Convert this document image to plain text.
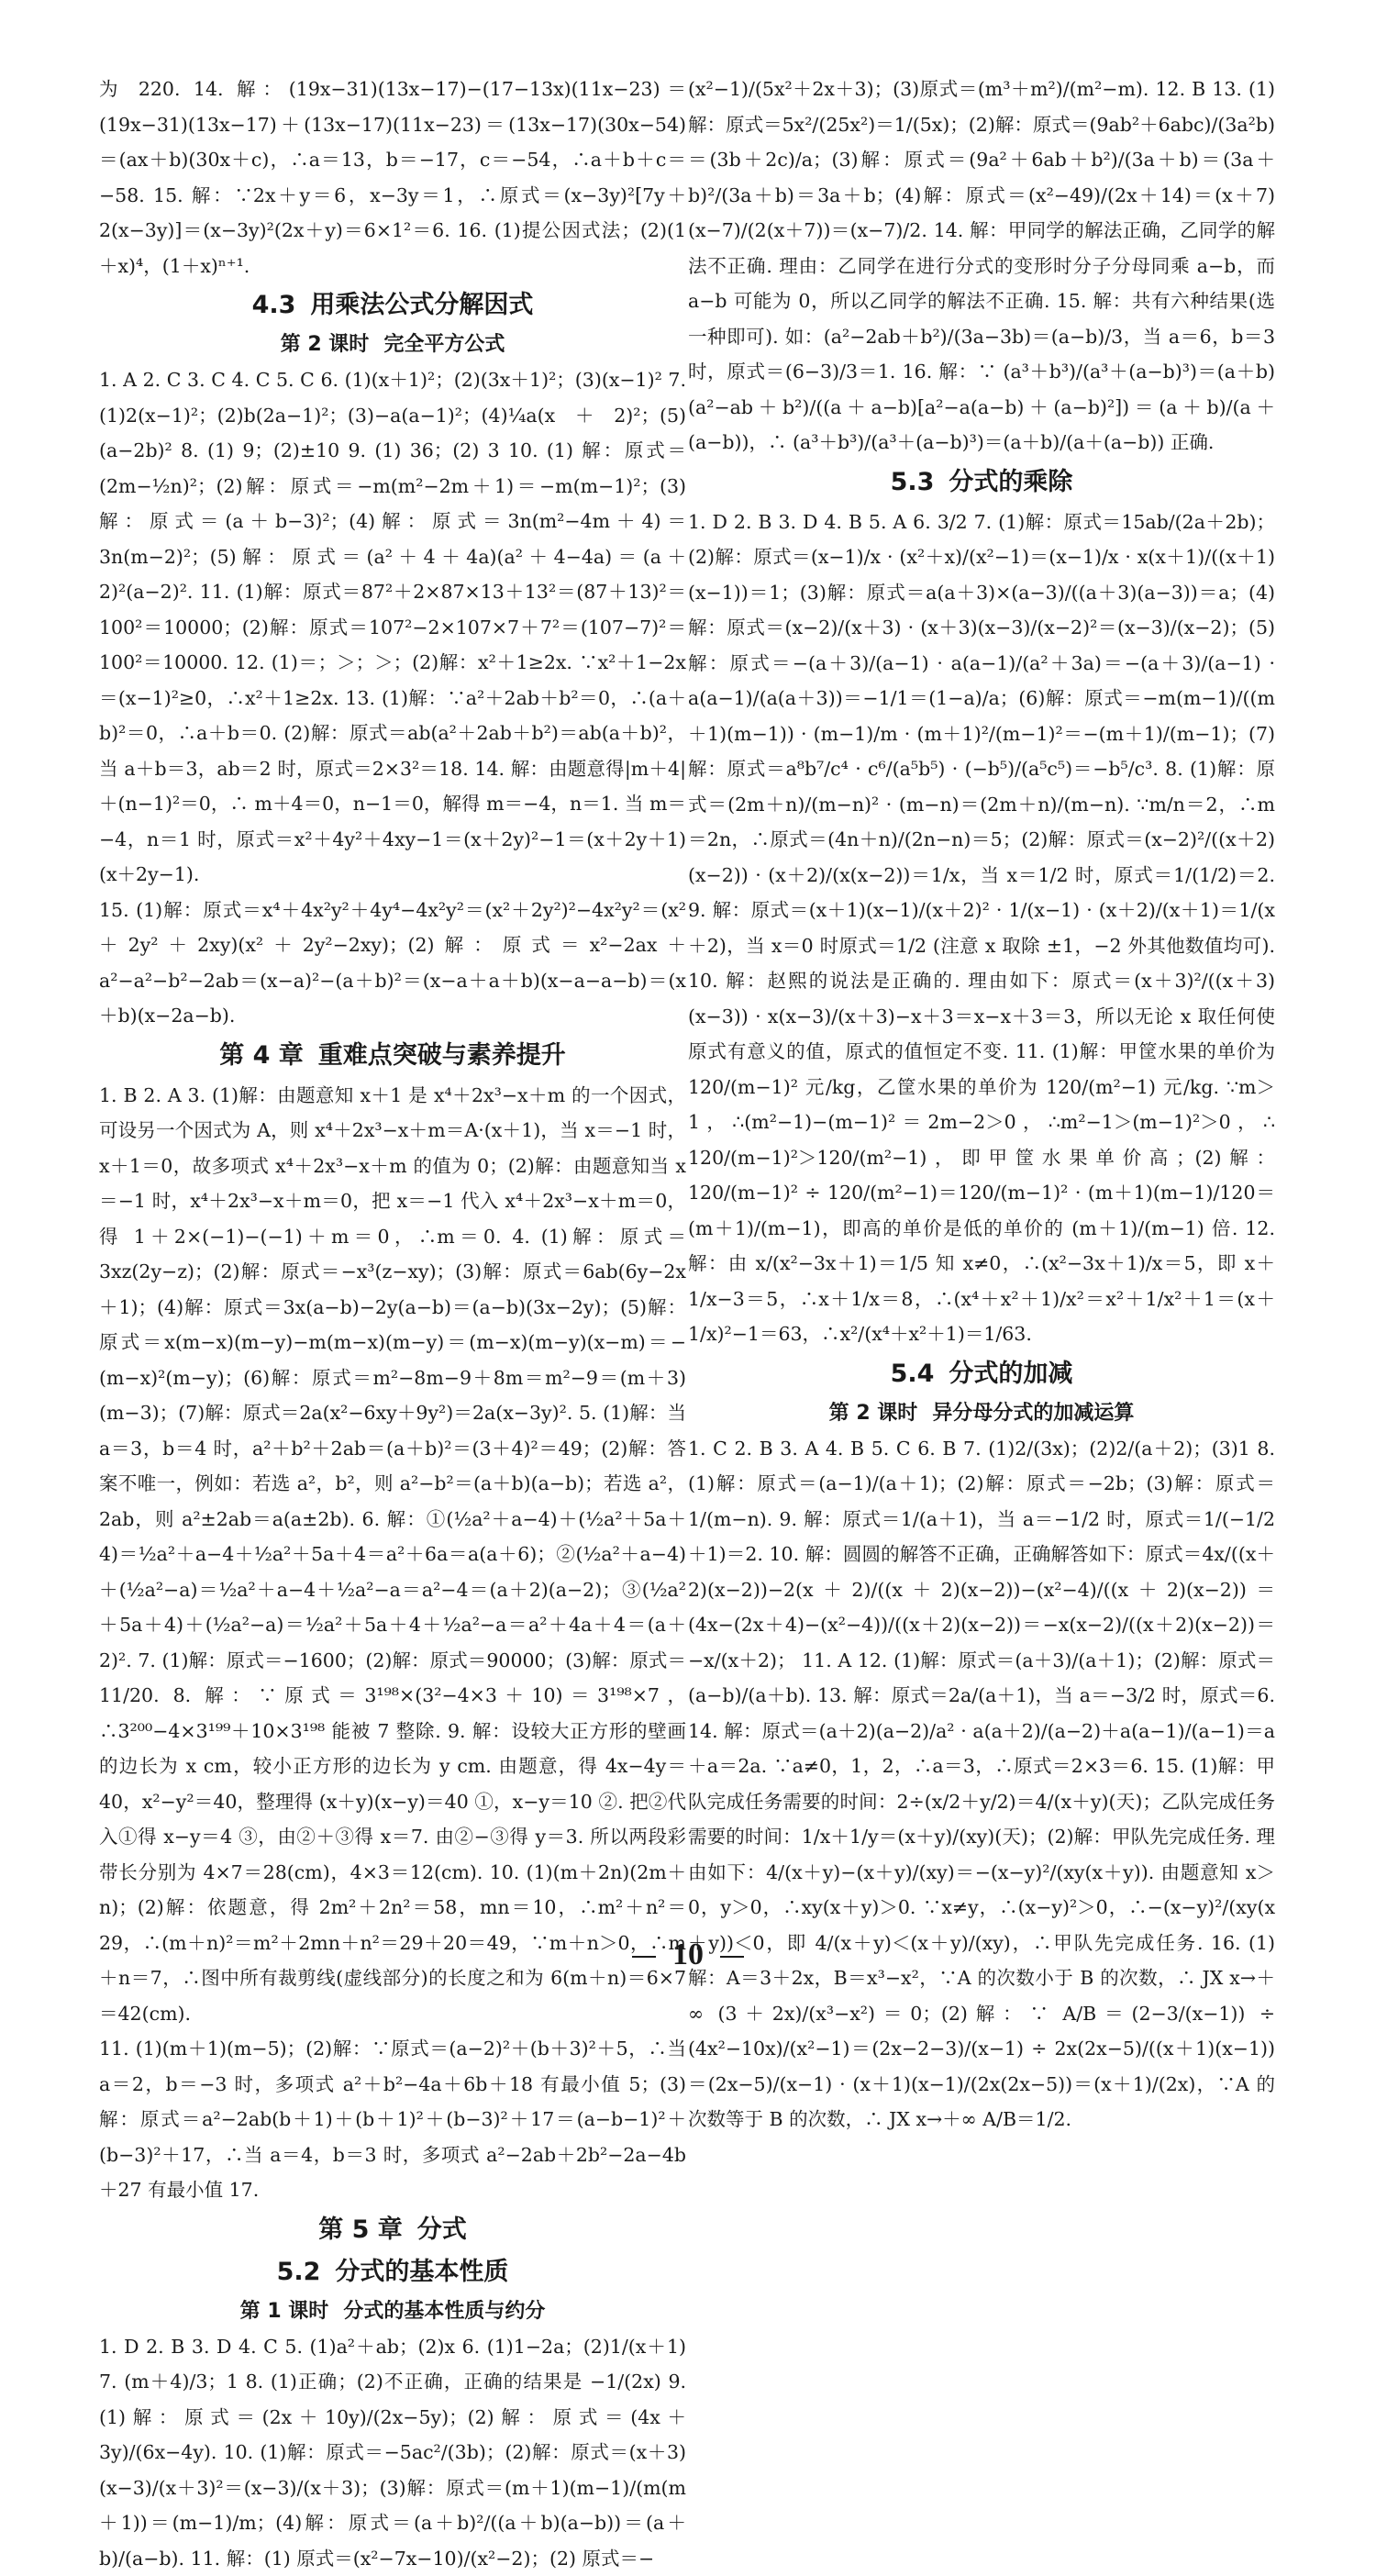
为 220. 14. 解：(19x−31)(13x−17)−(17−13x)(11x−23)＝(19x−31)(13x−17)＋(13x−17)(11x−23)＝(13x−17)(30x−54)＝(ax＋b)(30x＋c)，∴a＝13，b＝−17，c＝−54，∴a＋b＋c＝−58. 15. 解：∵2x＋y＝6，x−3y＝1，∴原式＝(x−3y)²[7y＋2(x−3y)]＝(x−3y)²(2x＋y)＝6×1²＝6. 16. (1)提公因式法；(2)(1＋x)⁴，(1＋x)ⁿ⁺¹.

4.3 用乘法公式分解因式
第 2 课时 完全平方公式

1. A 2. C 3. C 4. C 5. C 6. (1)(x＋1)²；(2)(3x＋1)²；(3)(x−1)² 7. (1)2(x−1)²；(2)b(2a−1)²；(3)−a(a−1)²；(4)¼a(x＋2)²；(5)(a−2b)² 8. (1) 9；(2)±10 9. (1) 36；(2) 3 10. (1) 解：原式＝(2m−½n)²；(2)解：原式＝−m(m²−2m＋1)＝−m(m−1)²；(3)解：原式＝(a＋b−3)²；(4)解：原式＝3n(m²−4m＋4)＝3n(m−2)²；(5)解：原式＝(a²＋4＋4a)(a²＋4−4a)＝(a＋2)²(a−2)². 11. (1)解：原式＝87²＋2×87×13＋13²＝(87＋13)²＝100²＝10000；(2)解：原式＝107²−2×107×7＋7²＝(107−7)²＝100²＝10000. 12. (1)＝；＞；＞；(2)解：x²＋1≥2x. ∵x²＋1−2x＝(x−1)²≥0，∴x²＋1≥2x. 13. (1)解：∵a²＋2ab＋b²＝0，∴(a＋b)²＝0，∴a＋b＝0. (2)解：原式＝ab(a²＋2ab＋b²)＝ab(a＋b)²，当 a＋b＝3，ab＝2 时，原式＝2×3²＝18. 14. 解：由题意得|m＋4|＋(n−1)²＝0，∴ m＋4＝0，n−1＝0，解得 m＝−4，n＝1. 当 m＝−4，n＝1 时，原式＝x²＋4y²＋4xy−1＝(x＋2y)²−1＝(x＋2y＋1)(x＋2y−1).

15. (1)解：原式＝x⁴＋4x²y²＋4y⁴−4x²y²＝(x²＋2y²)²−4x²y²＝(x²＋2y²＋2xy)(x²＋2y²−2xy)；(2)解：原式＝x²−2ax＋a²−a²−b²−2ab＝(x−a)²−(a＋b)²＝(x−a＋a＋b)(x−a−a−b)＝(x＋b)(x−2a−b).

第 4 章 重难点突破与素养提升

1. B 2. A 3. (1)解：由题意知 x＋1 是 x⁴＋2x³−x＋m 的一个因式，可设另一个因式为 A，则 x⁴＋2x³−x＋m＝A·(x＋1)，当 x＝−1 时，x＋1＝0，故多项式 x⁴＋2x³−x＋m 的值为 0；(2)解：由题意知当 x＝−1 时，x⁴＋2x³−x＋m＝0，把 x＝−1 代入 x⁴＋2x³−x＋m＝0，得 1＋2×(−1)−(−1)＋m＝0，∴m＝0. 4. (1)解：原式＝3xz(2y−z)；(2)解：原式＝−x³(z−xy)；(3)解：原式＝6ab(6y−2x＋1)；(4)解：原式＝3x(a−b)−2y(a−b)＝(a−b)(3x−2y)；(5)解：原式＝x(m−x)(m−y)−m(m−x)(m−y)＝(m−x)(m−y)(x−m)＝−(m−x)²(m−y)；(6)解：原式＝m²−8m−9＋8m＝m²−9＝(m＋3)(m−3)；(7)解：原式＝2a(x²−6xy＋9y²)＝2a(x−3y)². 5. (1)解：当 a＝3，b＝4 时，a²＋b²＋2ab＝(a＋b)²＝(3＋4)²＝49；(2)解：答案不唯一，例如：若选 a²，b²，则 a²−b²＝(a＋b)(a−b)；若选 a²，2ab，则 a²±2ab＝a(a±2b). 6. 解：①(½a²＋a−4)＋(½a²＋5a＋4)＝½a²＋a−4＋½a²＋5a＋4＝a²＋6a＝a(a＋6)；②(½a²＋a−4)＋(½a²−a)＝½a²＋a−4＋½a²−a＝a²−4＝(a＋2)(a−2)；③(½a²＋5a＋4)＋(½a²−a)＝½a²＋5a＋4＋½a²−a＝a²＋4a＋4＝(a＋2)². 7. (1)解：原式＝−1600；(2)解：原式＝90000；(3)解：原式＝11/20. 8. 解：∵原式＝3¹⁹⁸×(3²−4×3＋10)＝3¹⁹⁸×7，∴3²⁰⁰−4×3¹⁹⁹＋10×3¹⁹⁸ 能被 7 整除. 9. 解：设较大正方形的壁画的边长为 x cm，较小正方形的边长为 y cm. 由题意，得 4x−4y＝40，x²−y²＝40，整理得 (x＋y)(x−y)＝40 ①，x−y＝10 ②. 把②代入①得 x−y＝4 ③，由②＋③得 x＝7. 由②−③得 y＝3. 所以两段彩带长分别为 4×7＝28(cm)，4×3＝12(cm). 10. (1)(m＋2n)(2m＋n)；(2)解：依题意，得 2m²＋2n²＝58，mn＝10，∴m²＋n²＝29，∴(m＋n)²＝m²＋2mn＋n²＝29＋20＝49，∵m＋n＞0，∴m＋n＝7，∴图中所有裁剪线(虚线部分)的长度之和为 6(m＋n)＝6×7＝42(cm).

11. (1)(m＋1)(m−5)；(2)解：∵原式＝(a−2)²＋(b＋3)²＋5，∴当 a＝2，b＝−3 时，多项式 a²＋b²−4a＋6b＋18 有最小值 5；(3)解：原式＝a²−2ab(b＋1)＋(b＋1)²＋(b−3)²＋17＝(a−b−1)²＋(b−3)²＋17，∴当 a＝4，b＝3 时，多项式 a²−2ab＋2b²−2a−4b＋27 有最小值 17.

第 5 章 分式
5.2 分式的基本性质
第 1 课时 分式的基本性质与约分

1. D 2. B 3. D 4. C 5. (1)a²＋ab；(2)x 6. (1)1−2a；(2)1/(x＋1) 7. (m＋4)/3；1 8. (1)正确；(2)不正确，正确的结果是 −1/(2x) 9. (1)解：原式＝(2x＋10y)/(2x−5y)；(2)解：原式＝(4x＋3y)/(6x−4y). 10. (1)解：原式＝−5ac²/(3b)；(2)解：原式＝(x＋3)(x−3)/(x＋3)²＝(x−3)/(x＋3)；(3)解：原式＝(m＋1)(m−1)/(m(m＋1))＝(m−1)/m；(4)解：原式＝(a＋b)²/((a＋b)(a−b))＝(a＋b)/(a−b). 11. 解：(1) 原式＝(x²−7x−10)/(x²−2)；(2) 原式＝−

(x²−1)/(5x²＋2x＋3)；(3)原式＝(m³＋m²)/(m²−m). 12. B 13. (1)解：原式＝5x²/(25x²)＝1/(5x)；(2)解：原式＝(9ab²＋6abc)/(3a²b)＝(3b＋2c)/a；(3)解：原式＝(9a²＋6ab＋b²)/(3a＋b)＝(3a＋b)²/(3a＋b)＝3a＋b；(4)解：原式＝(x²−49)/(2x＋14)＝(x＋7)(x−7)/(2(x＋7))＝(x−7)/2. 14. 解：甲同学的解法正确，乙同学的解法不正确. 理由：乙同学在进行分式的变形时分子分母同乘 a−b，而 a−b 可能为 0，所以乙同学的解法不正确. 15. 解：共有六种结果(选一种即可). 如：(a²−2ab＋b²)/(3a−3b)＝(a−b)/3，当 a＝6，b＝3 时，原式＝(6−3)/3＝1. 16. 解：∵ (a³＋b³)/(a³＋(a−b)³)＝(a＋b)(a²−ab＋b²)/((a＋a−b)[a²−a(a−b)＋(a−b)²])＝(a＋b)/(a＋(a−b))，∴ (a³＋b³)/(a³＋(a−b)³)＝(a＋b)/(a＋(a−b)) 正确.

5.3 分式的乘除

1. D 2. B 3. D 4. B 5. A 6. 3/2 7. (1)解：原式＝15ab/(2a＋2b)；(2)解：原式＝(x−1)/x · (x²＋x)/(x²−1)＝(x−1)/x · x(x＋1)/((x＋1)(x−1))＝1；(3)解：原式＝a(a＋3)×(a−3)/((a＋3)(a−3))＝a；(4)解：原式＝(x−2)/(x＋3) · (x＋3)(x−3)/(x−2)²＝(x−3)/(x−2)；(5)解：原式＝−(a＋3)/(a−1) · a(a−1)/(a²＋3a)＝−(a＋3)/(a−1) · a(a−1)/(a(a＋3))＝−1/1＝(1−a)/a；(6)解：原式＝−m(m−1)/((m＋1)(m−1)) · (m−1)/m · (m＋1)²/(m−1)²＝−(m＋1)/(m−1)；(7)解：原式＝a⁸b⁷/c⁴ · c⁶/(a⁵b⁵) · (−b⁵)/(a⁵c⁵)＝−b⁵/c³. 8. (1)解：原式＝(2m＋n)/(m−n)² · (m−n)＝(2m＋n)/(m−n). ∵m/n＝2，∴m＝2n，∴原式＝(4n＋n)/(2n−n)＝5；(2)解：原式＝(x−2)²/((x＋2)(x−2)) · (x＋2)/(x(x−2))＝1/x，当 x＝1/2 时，原式＝1/(1/2)＝2. 9. 解：原式＝(x＋1)(x−1)/(x＋2)² · 1/(x−1) · (x＋2)/(x＋1)＝1/(x＋2)，当 x＝0 时原式＝1/2 (注意 x 取除 ±1，−2 外其他数值均可). 10. 解：赵熙的说法是正确的. 理由如下：原式＝(x＋3)²/((x＋3)(x−3)) · x(x−3)/(x＋3)−x＋3＝x−x＋3＝3，所以无论 x 取任何使原式有意义的值，原式的值恒定不变. 11. (1)解：甲筐水果的单价为 120/(m−1)² 元/kg，乙筐水果的单价为 120/(m²−1) 元/kg. ∵m＞1，∴(m²−1)−(m−1)²＝2m−2＞0，∴m²−1＞(m−1)²＞0，∴ 120/(m−1)²＞120/(m²−1)，即甲筐水果单价高；(2)解：120/(m−1)² ÷ 120/(m²−1)＝120/(m−1)² · (m＋1)(m−1)/120＝(m＋1)/(m−1)，即高的单价是低的单价的 (m＋1)/(m−1) 倍. 12. 解：由 x/(x²−3x＋1)＝1/5 知 x≠0，∴(x²−3x＋1)/x＝5，即 x＋1/x−3＝5，∴x＋1/x＝8，∴(x⁴＋x²＋1)/x²＝x²＋1/x²＋1＝(x＋1/x)²−1＝63，∴x²/(x⁴＋x²＋1)＝1/63.

5.4 分式的加减
第 2 课时 异分母分式的加减运算

1. C 2. B 3. A 4. B 5. C 6. B 7. (1)2/(3x)；(2)2/(a＋2)；(3)1 8. (1)解：原式＝(a−1)/(a＋1)；(2)解：原式＝−2b；(3)解：原式＝1/(m−n). 9. 解：原式＝1/(a＋1)，当 a＝−1/2 时，原式＝1/(−1/2＋1)＝2. 10. 解：圆圆的解答不正确，正确解答如下：原式＝4x/((x＋2)(x−2))−2(x＋2)/((x＋2)(x−2))−(x²−4)/((x＋2)(x−2))＝(4x−(2x＋4)−(x²−4))/((x＋2)(x−2))＝−x(x−2)/((x＋2)(x−2))＝−x/(x＋2)； 11. A 12. (1)解：原式＝(a＋3)/(a＋1)；(2)解：原式＝(a−b)/(a＋b). 13. 解：原式＝2a/(a＋1)，当 a＝−3/2 时，原式＝6. 14. 解：原式＝(a＋2)(a−2)/a² · a(a＋2)/(a−2)＋a(a−1)/(a−1)＝a＋a＝2a. ∵a≠0，1，2，∴a＝3，∴原式＝2×3＝6. 15. (1)解：甲队完成任务需要的时间：2÷(x/2＋y/2)＝4/(x＋y)(天)；乙队完成任务需要的时间：1/x＋1/y＝(x＋y)/(xy)(天)；(2)解：甲队先完成任务. 理由如下：4/(x＋y)−(x＋y)/(xy)＝−(x−y)²/(xy(x＋y)). 由题意知 x＞0，y＞0，∴xy(x＋y)＞0. ∵x≠y，∴(x−y)²＞0，∴−(x−y)²/(xy(x＋y))＜0，即 4/(x＋y)＜(x＋y)/(xy)，∴甲队先完成任务. 16. (1)解：A＝3＋2x，B＝x³−x²，∵A 的次数小于 B 的次数，∴ JX x→＋∞ (3＋2x)/(x³−x²)＝0；(2)解：∵ A/B＝(2−3/(x−1)) ÷ (4x²−10x)/(x²−1)＝(2x−2−3)/(x−1) ÷ 2x(2x−5)/((x＋1)(x−1))＝(2x−5)/(x−1) · (x＋1)(x−1)/(2x(2x−5))＝(x＋1)/(2x)，∵A 的次数等于 B 的次数，∴ JX x→＋∞ A/B＝1/2.

10
